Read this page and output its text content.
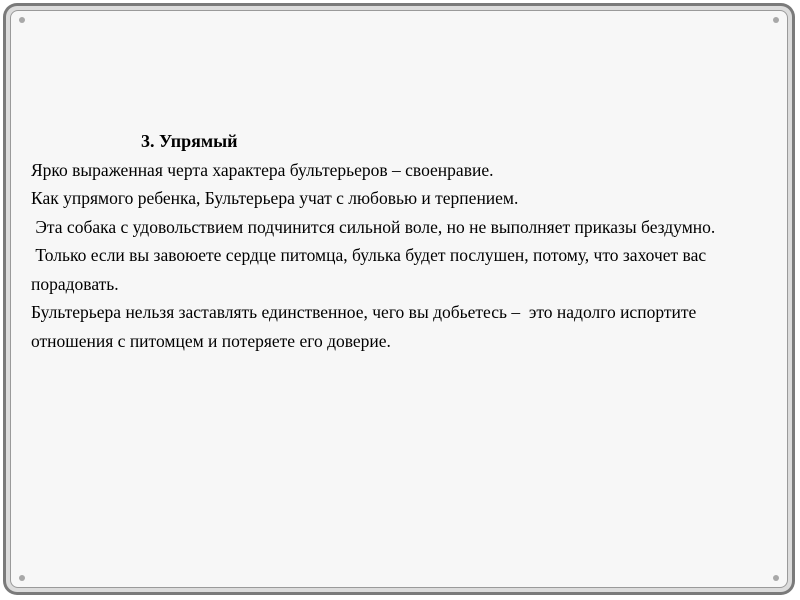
3. Упрямый
Ярко выраженная черта характера бультерьеров – своенравие.
Как упрямого ребенка, Бультерьера учат с любовью и терпением.
Эта собака с удовольствием подчинится сильной воле, но не выполняет приказы бездумно.
Только если вы завоюете сердце питомца, булька будет послушен, потому, что захочет вас порадовать.
Бультерьера нельзя заставлять единственное, чего вы добьетесь –  это надолго испортите отношения с питомцем и потеряете его доверие.
